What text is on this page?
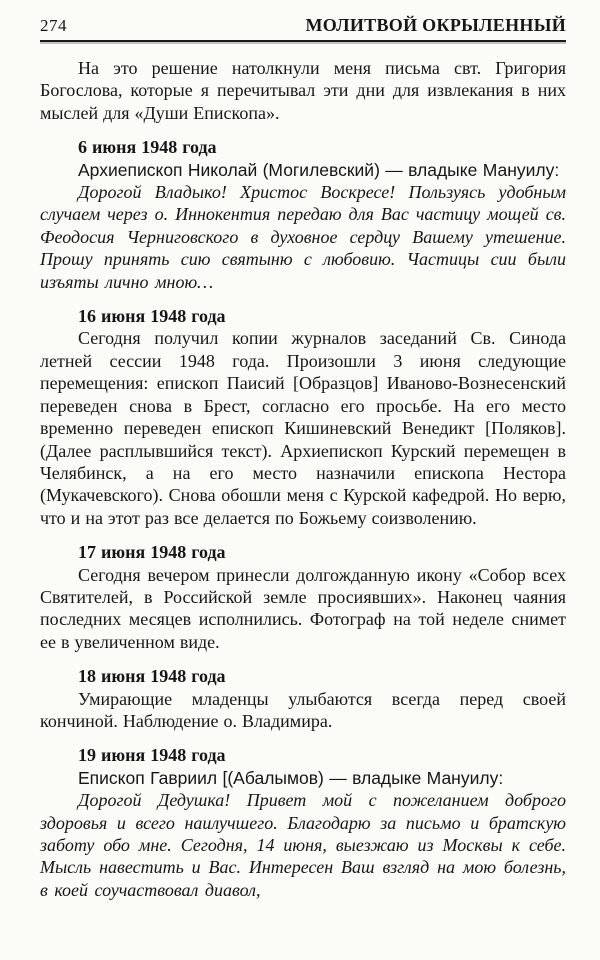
274	МОЛИТВОЙ ОКРЫЛЕННЫЙ

На это решение натолкнули меня письма свт. Григория Богослова, которые я перечитывал эти дни для извлекания в них мыслей для «Души Епископа».

6 июня 1948 года

Архиепископ Николай (Могилевский) — владыке Мануилу:

Дорогой Владыко! Христос Воскресе! Пользуясь удобным случаем через о. Иннокентия передаю для Вас частицу мощей св. Феодосия Черниговского в духовное сердцу Вашему утешение. Прошу принять сию святыню с любовию. Частицы сии были изъяты лично мною…

16 июня 1948 года

Сегодня получил копии журналов заседаний Св. Синода летней сессии 1948 года. Произошли 3 июня следующие перемещения: епископ Паисий [Образцов] Иваново-Вознесенский переведен снова в Брест, согласно его просьбе. На его место временно переведен епископ Кишиневский Венедикт [Поляков]. (Далее расплывшийся текст). Архиепископ Курский перемещен в Челябинск, а на его место назначили епископа Нестора (Мукачевского). Снова обошли меня с Курской кафедрой. Но верю, что и на этот раз все делается по Божьему соизволению.

17 июня 1948 года

Сегодня вечером принесли долгожданную икону «Собор всех Святителей, в Российской земле просиявших». Наконец чаяния последних месяцев исполнились. Фотограф на той неделе снимет ее в увеличенном виде.

18 июня 1948 года

Умирающие младенцы улыбаются всегда перед своей кончиной. Наблюдение о. Владимира.

19 июня 1948 года

Епископ Гавриил [(Абалымов) — владыке Мануилу:

Дорогой Дедушка! Привет мой с пожеланием доброго здоровья и всего наилучшего. Благодарю за письмо и братскую заботу обо мне. Сегодня, 14 июня, выезжаю из Москвы к себе. Мысль навестить и Вас. Интересен Ваш взгляд на мою болезнь, в коей соучаствовал диавол,
